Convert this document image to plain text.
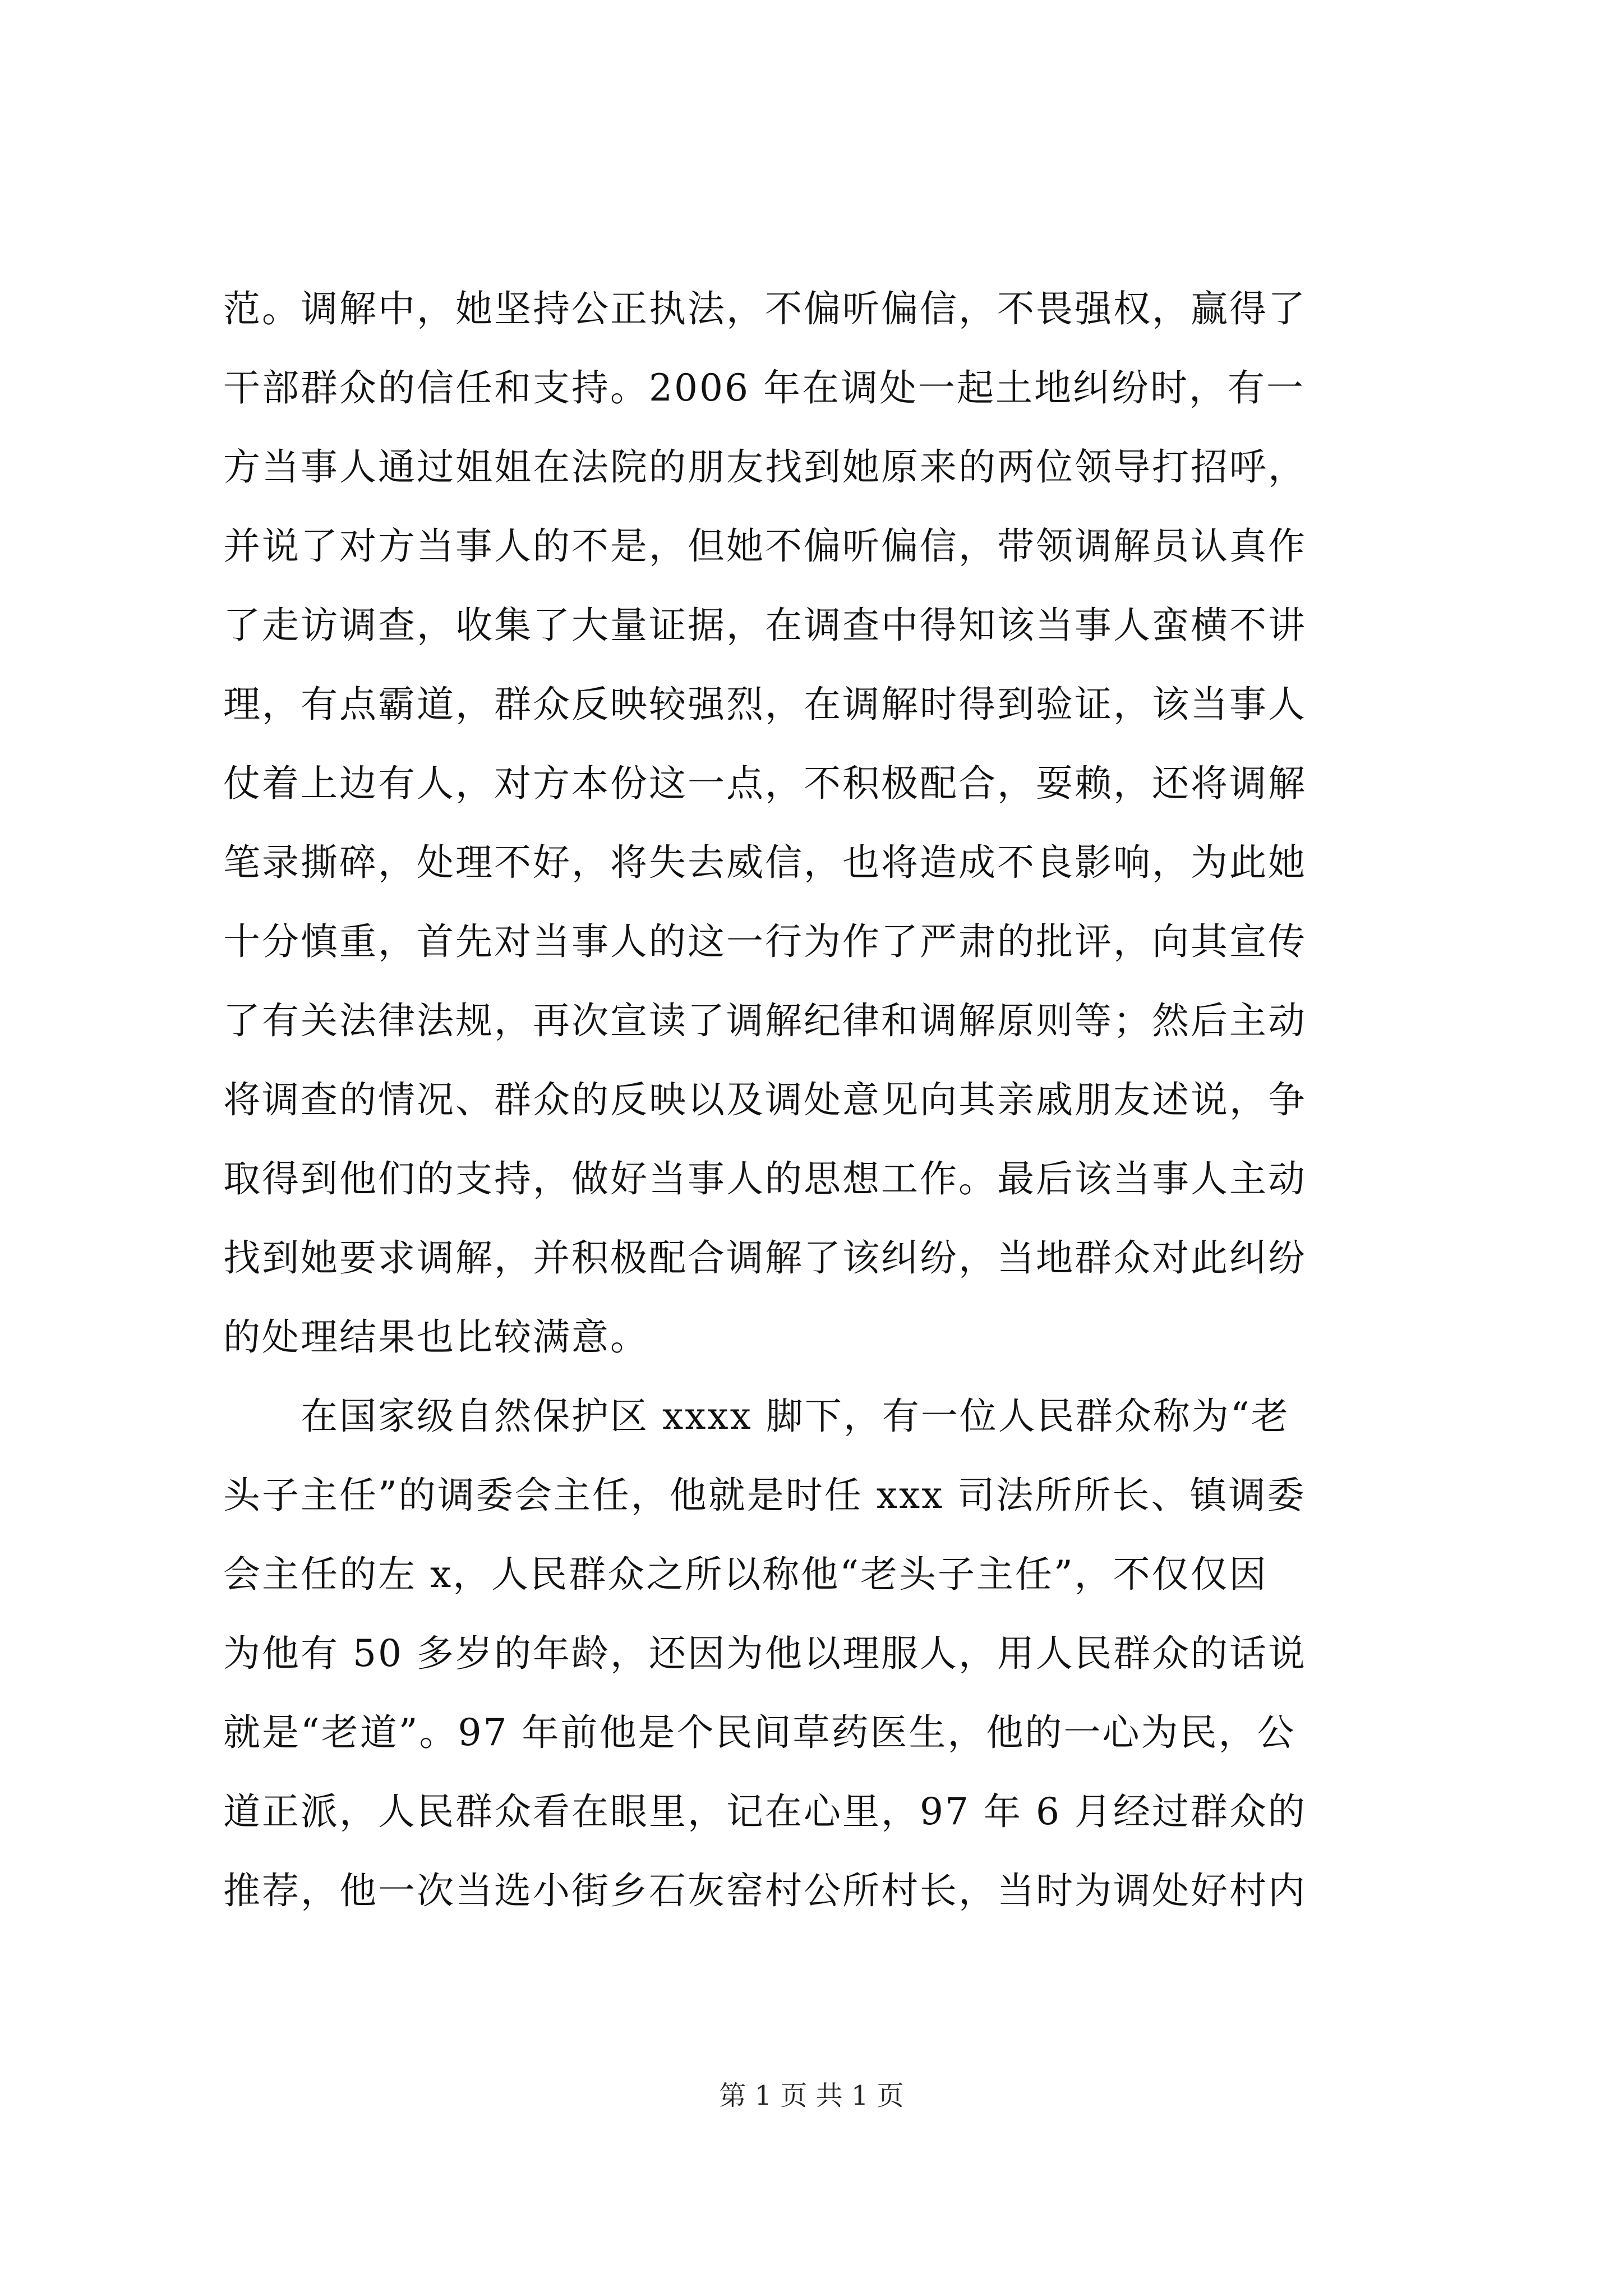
范。调解中，她坚持公正执法，不偏听偏信，不畏强权，赢得了
干部群众的信任和支持。2006 年在调处一起土地纠纷时，有一
方当事人通过姐姐在法院的朋友找到她原来的两位领导打招呼，
并说了对方当事人的不是，但她不偏听偏信，带领调解员认真作
了走访调查，收集了大量证据，在调查中得知该当事人蛮横不讲
理，有点霸道，群众反映较强烈，在调解时得到验证，该当事人
仗着上边有人，对方本份这一点，不积极配合，耍赖，还将调解
笔录撕碎，处理不好，将失去威信，也将造成不良影响，为此她
十分慎重，首先对当事人的这一行为作了严肃的批评，向其宣传
了有关法律法规，再次宣读了调解纪律和调解原则等；然后主动
将调查的情况、群众的反映以及调处意见向其亲戚朋友述说，争
取得到他们的支持，做好当事人的思想工作。最后该当事人主动
找到她要求调解，并积极配合调解了该纠纷，当地群众对此纠纷
的处理结果也比较满意。
　　在国家级自然保护区 xxxx 脚下，有一位人民群众称为“老
头子主任”的调委会主任，他就是时任 xxx 司法所所长、镇调委
会主任的左 x，人民群众之所以称他“老头子主任”，不仅仅因
为他有 50 多岁的年龄，还因为他以理服人，用人民群众的话说
就是“老道”。97 年前他是个民间草药医生，他的一心为民，公
道正派，人民群众看在眼里，记在心里，97 年 6 月经过群众的
推荐，他一次当选小街乡石灰窑村公所村长，当时为调处好村内
第 1 页 共 1 页
